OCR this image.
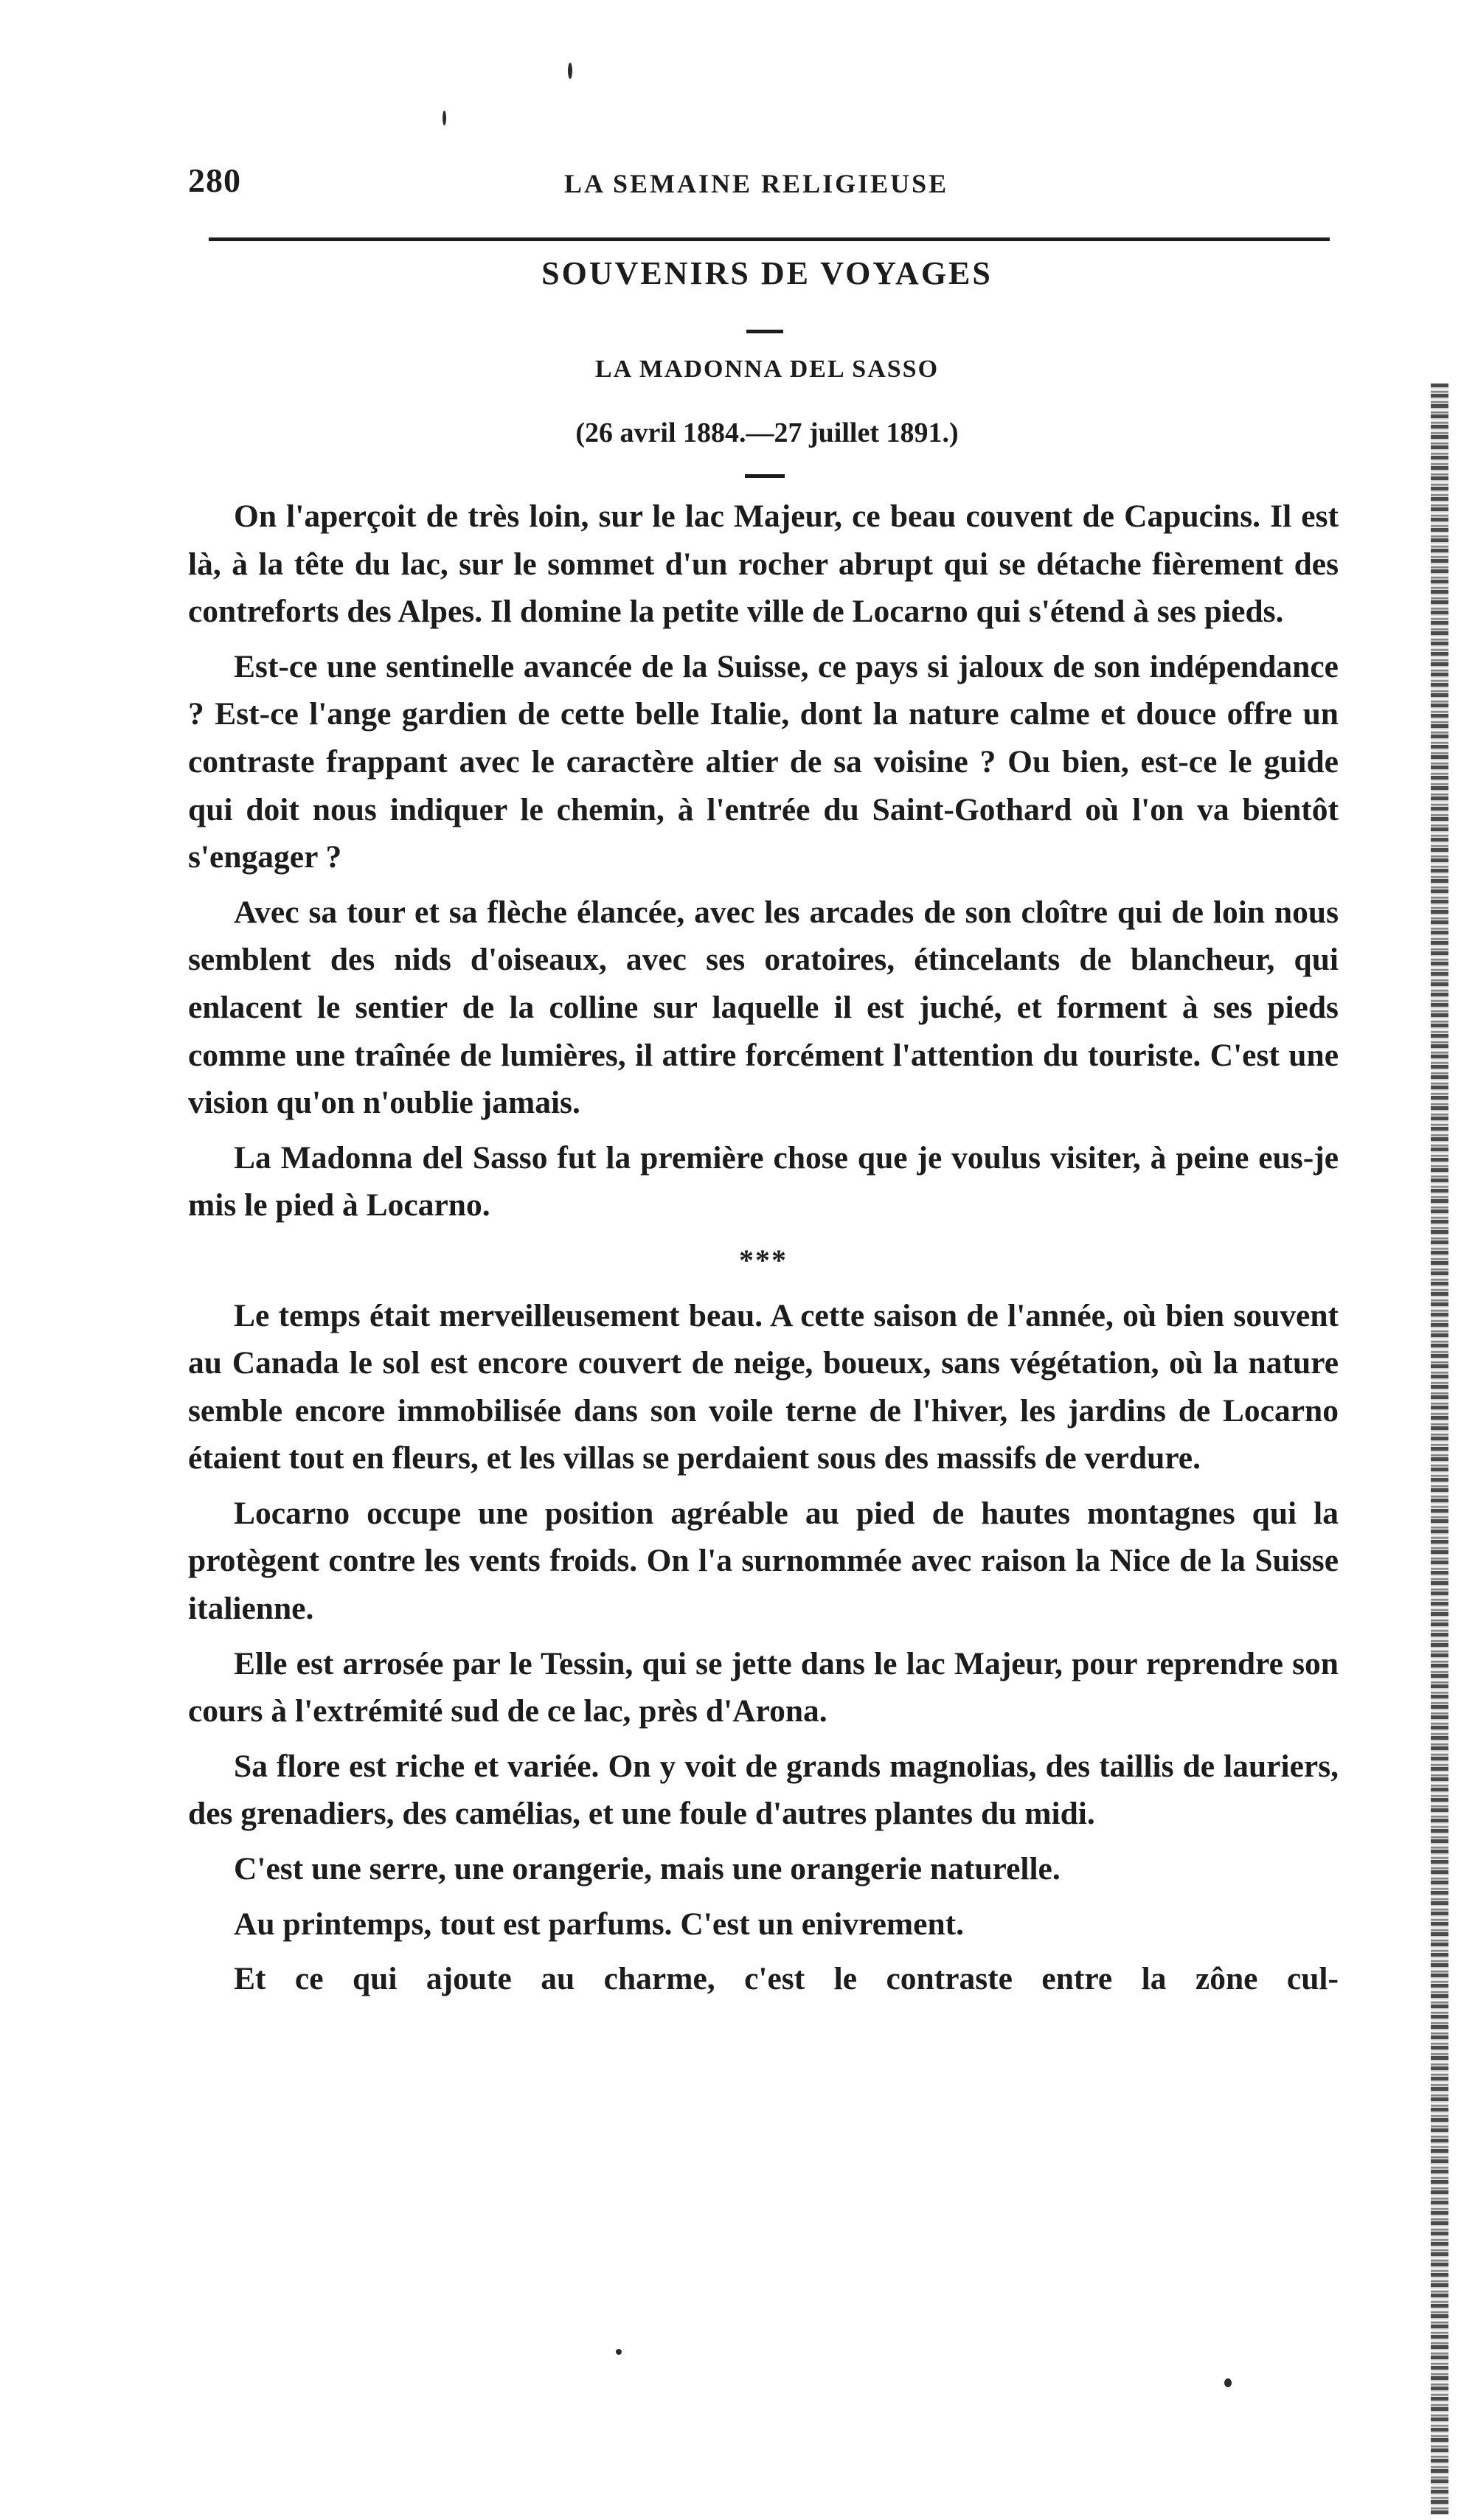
280	LA SEMAINE RELIGIEUSE
SOUVENIRS DE VOYAGES
LA MADONNA DEL SASSO
(26 avril 1884.—27 juillet 1891.)

On l'aperçoit de très loin, sur le lac Majeur, ce beau couvent de Capucins. Il est là, à la tête du lac, sur le sommet d'un rocher abrupt qui se détache fièrement des contreforts des Alpes. Il domine la petite ville de Locarno qui s'étend à ses pieds.

Est-ce une sentinelle avancée de la Suisse, ce pays si jaloux de son indépendance ? Est-ce l'ange gardien de cette belle Italie, dont la nature calme et douce offre un contraste frappant avec le caractère altier de sa voisine ? Ou bien, est-ce le guide qui doit nous indiquer le chemin, à l'entrée du Saint-Gothard où l'on va bientôt s'engager ?

Avec sa tour et sa flèche élancée, avec les arcades de son cloître qui de loin nous semblent des nids d'oiseaux, avec ses oratoires, étincelants de blancheur, qui enlacent le sentier de la colline sur laquelle il est juché, et forment à ses pieds comme une traînée de lumières, il attire forcément l'attention du touriste. C'est une vision qu'on n'oublie jamais.

La Madonna del Sasso fut la première chose que je voulus visiter, à peine eus-je mis le pied à Locarno.

***

Le temps était merveilleusement beau. A cette saison de l'année, où bien souvent au Canada le sol est encore couvert de neige, boueux, sans végétation, où la nature semble encore immobilisée dans son voile terne de l'hiver, les jardins de Locarno étaient tout en fleurs, et les villas se perdaient sous des massifs de verdure.

Locarno occupe une position agréable au pied de hautes montagnes qui la protègent contre les vents froids. On l'a surnommée avec raison la Nice de la Suisse italienne.

Elle est arrosée par le Tessin, qui se jette dans le lac Majeur, pour reprendre son cours à l'extrémité sud de ce lac, près d'Arona.

Sa flore est riche et variée. On y voit de grands magnolias, des taillis de lauriers, des grenadiers, des camélias, et une foule d'autres plantes du midi.

C'est une serre, une orangerie, mais une orangerie naturelle.

Au printemps, tout est parfums. C'est un enivrement.

Et ce qui ajoute au charme, c'est le contraste entre la zône cul-
